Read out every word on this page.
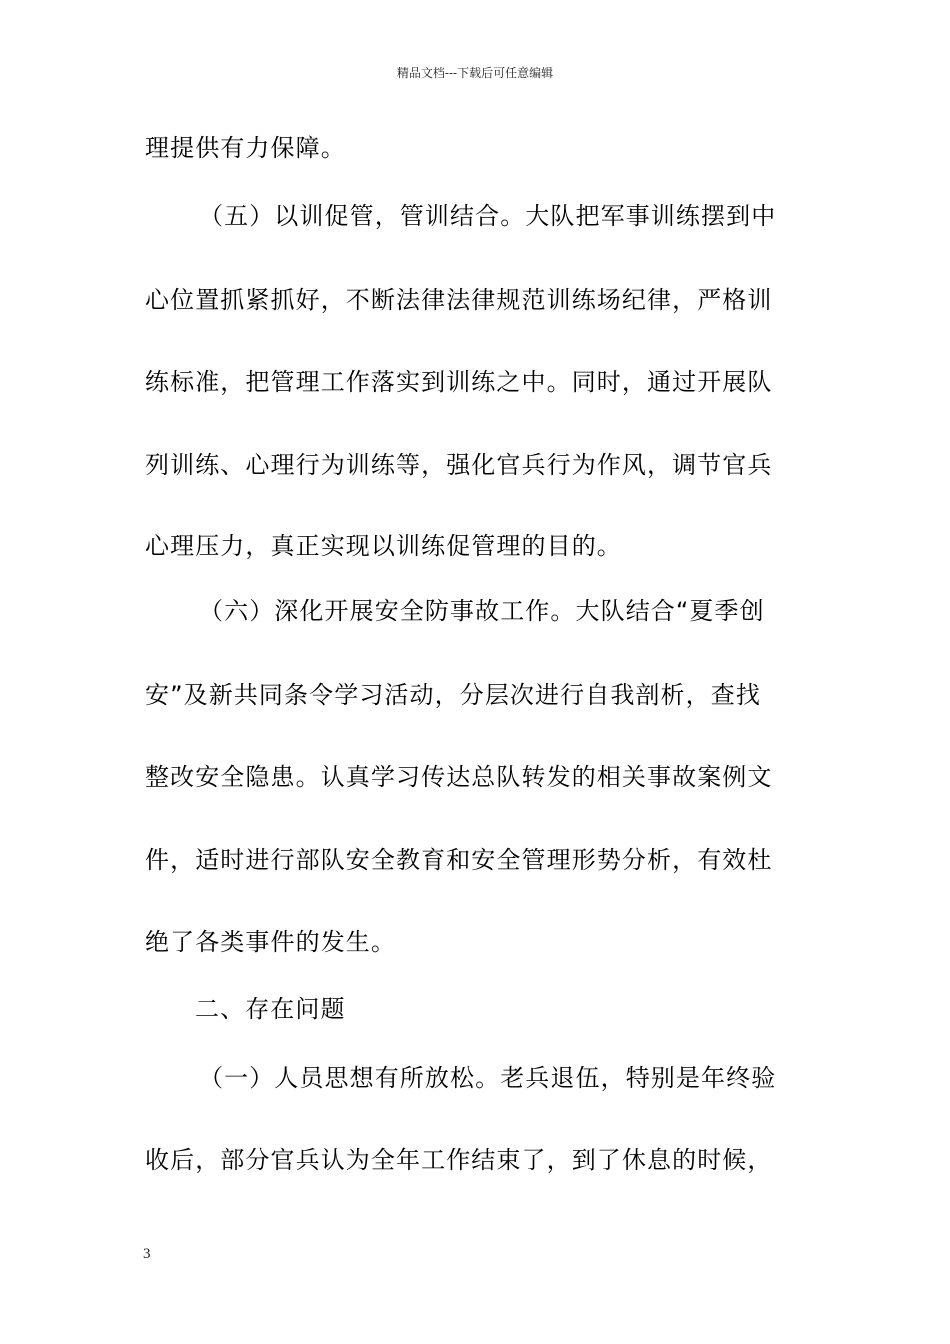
精品文档---下载后可任意编辑
理提供有力保障。
（五）以训促管，管训结合。大队把军事训练摆到中
心位置抓紧抓好，不断法律法律规范训练场纪律，严格训
练标准，把管理工作落实到训练之中。同时，通过开展队
列训练、心理行为训练等，强化官兵行为作风，调节官兵
心理压力，真正实现以训练促管理的目的。
（六）深化开展安全防事故工作。大队结合“夏季创
安”及新共同条令学习活动，分层次进行自我剖析，查找
整改安全隐患。认真学习传达总队转发的相关事故案例文
件，适时进行部队安全教育和安全管理形势分析，有效杜
绝了各类事件的发生。
二、存在问题
（一）人员思想有所放松。老兵退伍，特别是年终验
收后，部分官兵认为全年工作结束了，到了休息的时候，
3
